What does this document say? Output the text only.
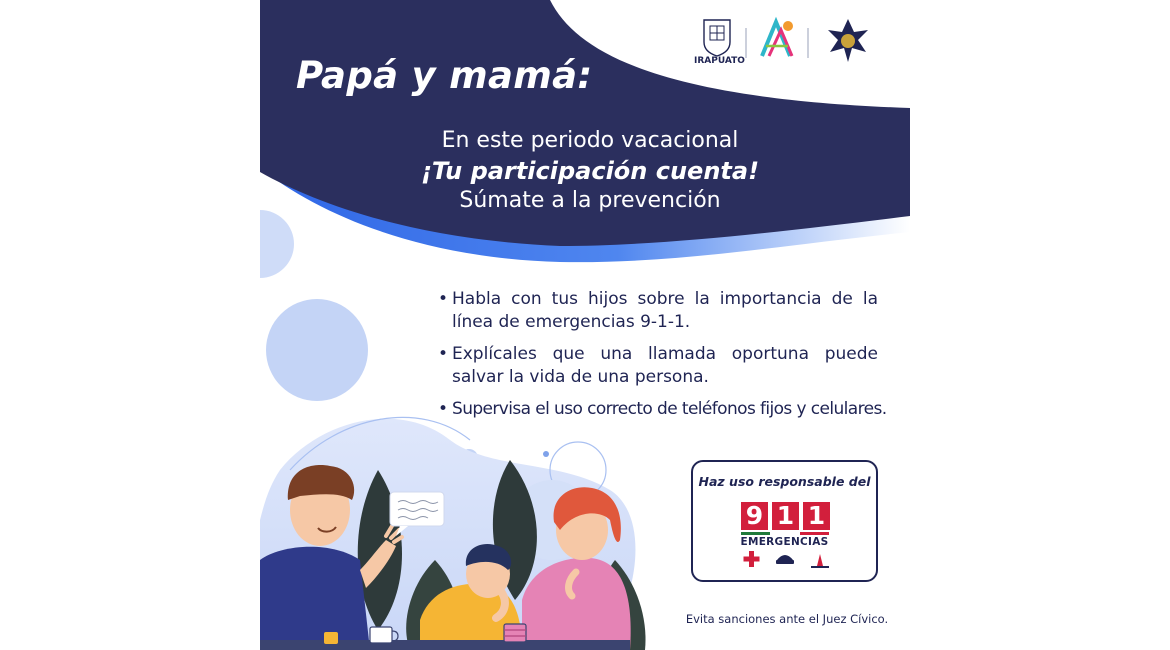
IRAPUATO
Papá y mamá:
En este periodo vacacional
¡Tu participación cuenta!
Súmate a la prevención
• Habla con tus hijos sobre la importancia de la línea de emergencias 9-1-1.
• Explícales que una llamada oportuna puede salvar la vida de una persona.
• Supervisa el uso correcto de teléfonos fijos y celulares.
Haz uso responsable del
9 1 1
EMERGENCIAS
Evita sanciones ante el Juez Cívico.
